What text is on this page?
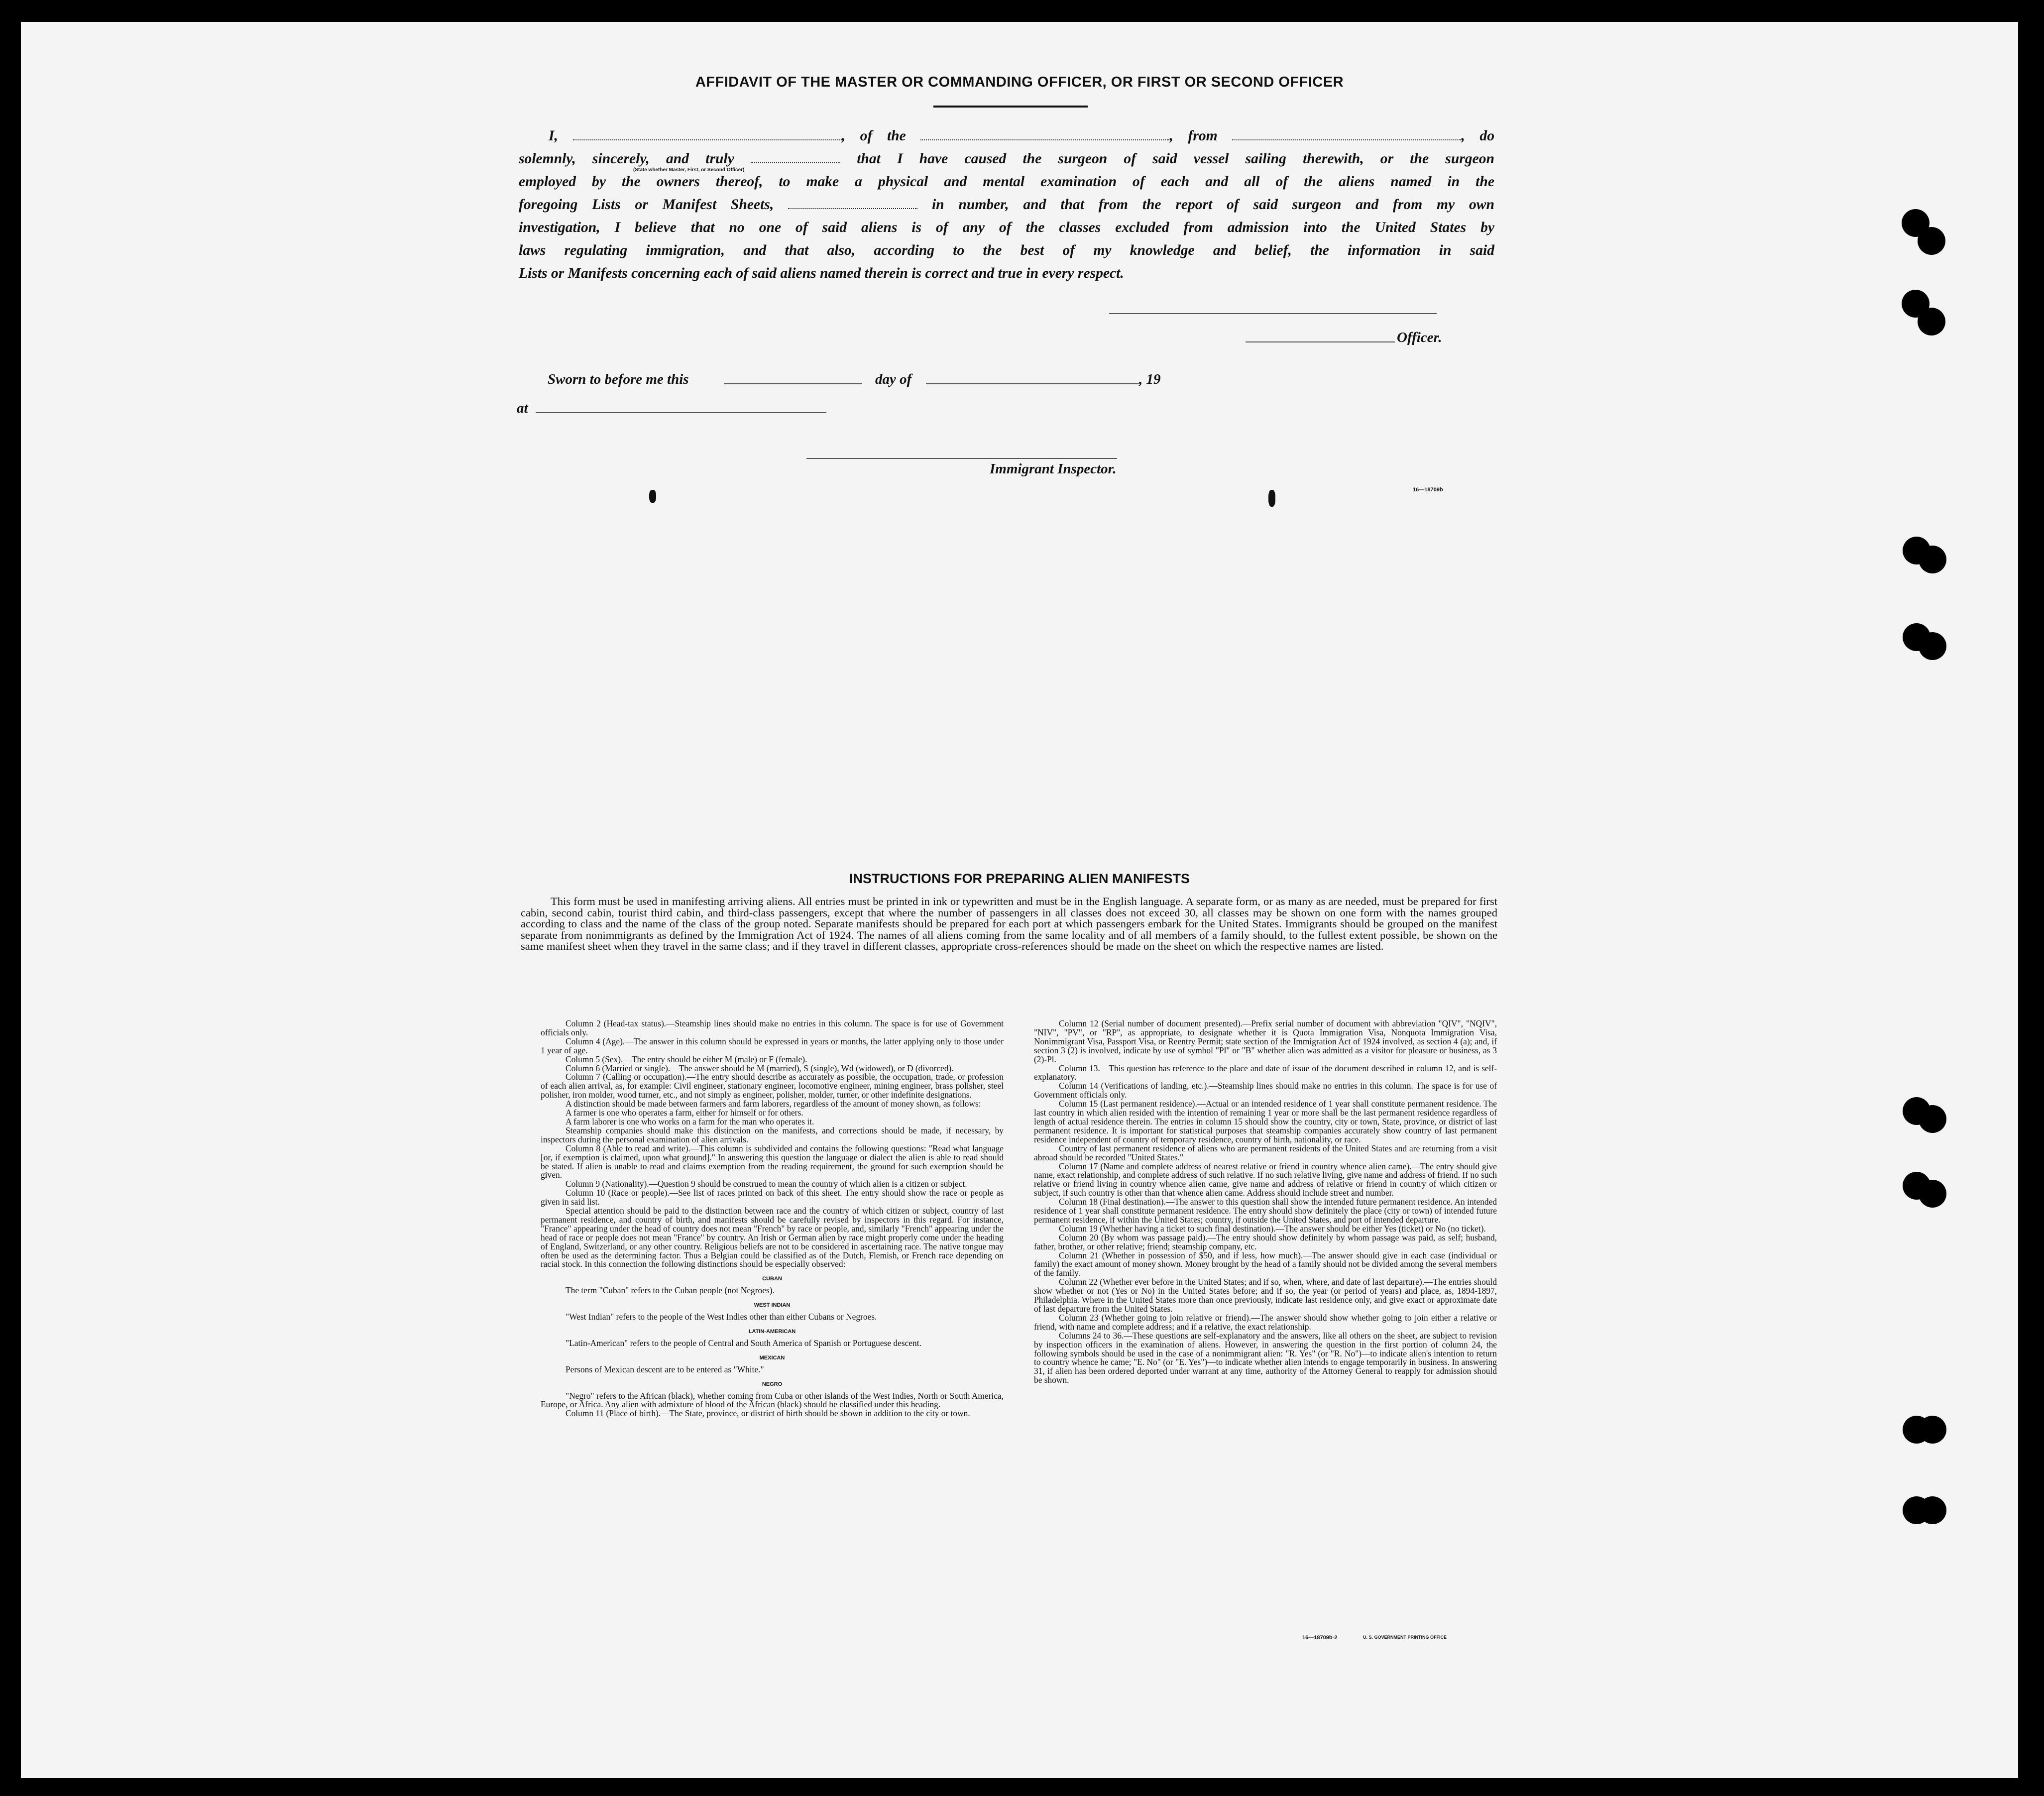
AFFIDAVIT OF THE MASTER OR COMMANDING OFFICER, OR FIRST OR SECOND OFFICER
I,	, of the	, from	, do
solemnly, sincerely, and truly	that I have caused the surgeon of said vessel sailing therewith, or the surgeon
employed by the owners thereof, to make a physical and mental examination of each and all of the aliens named in the
foregoing Lists or Manifest Sheets,	in number, and that from the report of said surgeon and from my own
investigation, I believe that no one of said aliens is of any of the classes excluded from admission into the United States by
laws regulating immigration, and that also, according to the best of my knowledge and belief, the information in said
Lists or Manifests concerning each of said aliens named therein is correct and true in every respect.
(State whether Master, First, or Second Officer)
Officer.
Sworn to before me this	day of	, 19
at
Immigrant Inspector.
16—18709b
INSTRUCTIONS FOR PREPARING ALIEN MANIFESTS
This form must be used in manifesting arriving aliens. All entries must be printed in ink or typewritten and must be in the English language. A separate form, or as many as are needed, must be prepared for first cabin, second cabin, tourist third cabin, and third-class passengers, except that where the number of passengers in all classes does not exceed 30, all classes may be shown on one form with the names grouped according to class and the name of the class of the group noted. Separate manifests should be prepared for each port at which passengers embark for the United States. Immigrants should be grouped on the manifest separate from nonimmigrants as defined by the Immigration Act of 1924. The names of all aliens coming from the same locality and of all members of a family should, to the fullest extent possible, be shown on the same manifest sheet when they travel in the same class; and if they travel in different classes, appropriate cross-references should be made on the sheet on which the respective names are listed.

Column 2 (Head-tax status).—Steamship lines should make no entries in this column. The space is for use of Government officials only.

Column 4 (Age).—The answer in this column should be expressed in years or months, the latter applying only to those under 1 year of age.

Column 5 (Sex).—The entry should be either M (male) or F (female).

Column 6 (Married or single).—The answer should be M (married), S (single), Wd (widowed), or D (divorced).

Column 7 (Calling or occupation).—The entry should describe as accurately as possible, the occupation, trade, or profession of each alien arrival, as, for example: Civil engineer, stationary engineer, locomotive engineer, mining engineer, brass polisher, steel polisher, iron molder, wood turner, etc., and not simply as engineer, polisher, molder, turner, or other indefinite designations.

A distinction should be made between farmers and farm laborers, regardless of the amount of money shown, as follows:

A farmer is one who operates a farm, either for himself or for others.

A farm laborer is one who works on a farm for the man who operates it.

Steamship companies should make this distinction on the manifests, and corrections should be made, if necessary, by inspectors during the personal examination of alien arrivals.

Column 8 (Able to read and write).—This column is subdivided and contains the following questions: "Read what language [or, if exemption is claimed, upon what ground]." In answering this question the language or dialect the alien is able to read should be stated. If alien is unable to read and claims exemption from the reading requirement, the ground for such exemption should be given.

Column 9 (Nationality).—Question 9 should be construed to mean the country of which alien is a citizen or subject.

Column 10 (Race or people).—See list of races printed on back of this sheet. The entry should show the race or people as given in said list.

Special attention should be paid to the distinction between race and the country of which citizen or subject, country of last permanent residence, and country of birth, and manifests should be carefully revised by inspectors in this regard. For instance, "France" appearing under the head of country does not mean "French" by race or people, and, similarly "French" appearing under the head of race or people does not mean "France" by country. An Irish or German alien by race might properly come under the heading of England, Switzerland, or any other country. Religious beliefs are not to be considered in ascertaining race. The native tongue may often be used as the determining factor. Thus a Belgian could be classified as of the Dutch, Flemish, or French race depending on racial stock. In this connection the following distinctions should be especially observed:

CUBAN

The term "Cuban" refers to the Cuban people (not Negroes).

WEST INDIAN

"West Indian" refers to the people of the West Indies other than either Cubans or Negroes.

LATIN-AMERICAN

"Latin-American" refers to the people of Central and South America of Spanish or Portuguese descent.

MEXICAN

Persons of Mexican descent are to be entered as "White."

NEGRO

"Negro" refers to the African (black), whether coming from Cuba or other islands of the West Indies, North or South America, Europe, or Africa. Any alien with admixture of blood of the African (black) should be classified under this heading.

Column 11 (Place of birth).—The State, province, or district of birth should be shown in addition to the city or town.

Column 12 (Serial number of document presented).—Prefix serial number of document with abbreviation "QIV", "NQIV", "NIV", "PV", or "RP", as appropriate, to designate whether it is Quota Immigration Visa, Nonquota Immigration Visa, Nonimmigrant Visa, Passport Visa, or Reentry Permit; state section of the Immigration Act of 1924 involved, as section 4 (a); and, if section 3 (2) is involved, indicate by use of symbol "Pl" or "B" whether alien was admitted as a visitor for pleasure or business, as 3 (2)-Pl.

Column 13.—This question has reference to the place and date of issue of the document described in column 12, and is self-explanatory.

Column 14 (Verifications of landing, etc.).—Steamship lines should make no entries in this column. The space is for use of Government officials only.

Column 15 (Last permanent residence).—Actual or an intended residence of 1 year shall constitute permanent residence. The last country in which alien resided with the intention of remaining 1 year or more shall be the last permanent residence regardless of length of actual residence therein. The entries in column 15 should show the country, city or town, State, province, or district of last permanent residence. It is important for statistical purposes that steamship companies accurately show country of last permanent residence independent of country of temporary residence, country of birth, nationality, or race.

Country of last permanent residence of aliens who are permanent residents of the United States and are returning from a visit abroad should be recorded "United States."

Column 17 (Name and complete address of nearest relative or friend in country whence alien came).—The entry should give name, exact relationship, and complete address of such relative. If no such relative living, give name and address of friend. If no such relative or friend living in country whence alien came, give name and address of relative or friend in country of which citizen or subject, if such country is other than that whence alien came. Address should include street and number.

Column 18 (Final destination).—The answer to this question shall show the intended future permanent residence. An intended residence of 1 year shall constitute permanent residence. The entry should show definitely the place (city or town) of intended future permanent residence, if within the United States; country, if outside the United States, and port of intended departure.

Column 19 (Whether having a ticket to such final destination).—The answer should be either Yes (ticket) or No (no ticket).

Column 20 (By whom was passage paid).—The entry should show definitely by whom passage was paid, as self; husband, father, brother, or other relative; friend; steamship company, etc.

Column 21 (Whether in possession of $50, and if less, how much).—The answer should give in each case (individual or family) the exact amount of money shown. Money brought by the head of a family should not be divided among the several members of the family.

Column 22 (Whether ever before in the United States; and if so, when, where, and date of last departure).—The entries should show whether or not (Yes or No) in the United States before; and if so, the year (or period of years) and place, as, 1894-1897, Philadelphia. Where in the United States more than once previously, indicate last residence only, and give exact or approximate date of last departure from the United States.

Column 23 (Whether going to join relative or friend).—The answer should show whether going to join either a relative or friend, with name and complete address; and if a relative, the exact relationship.

Columns 24 to 36.—These questions are self-explanatory and the answers, like all others on the sheet, are subject to revision by inspection officers in the examination of aliens. However, in answering the question in the first portion of column 24, the following symbols should be used in the case of a nonimmigrant alien: "R. Yes" (or "R. No")—to indicate alien's intention to return to country whence he came; "E. No" (or "E. Yes")—to indicate whether alien intends to engage temporarily in business. In answering 31, if alien has been ordered deported under warrant at any time, authority of the Attorney General to reapply for admission should be shown.

16—18709b-2	U. S. GOVERNMENT PRINTING OFFICE
